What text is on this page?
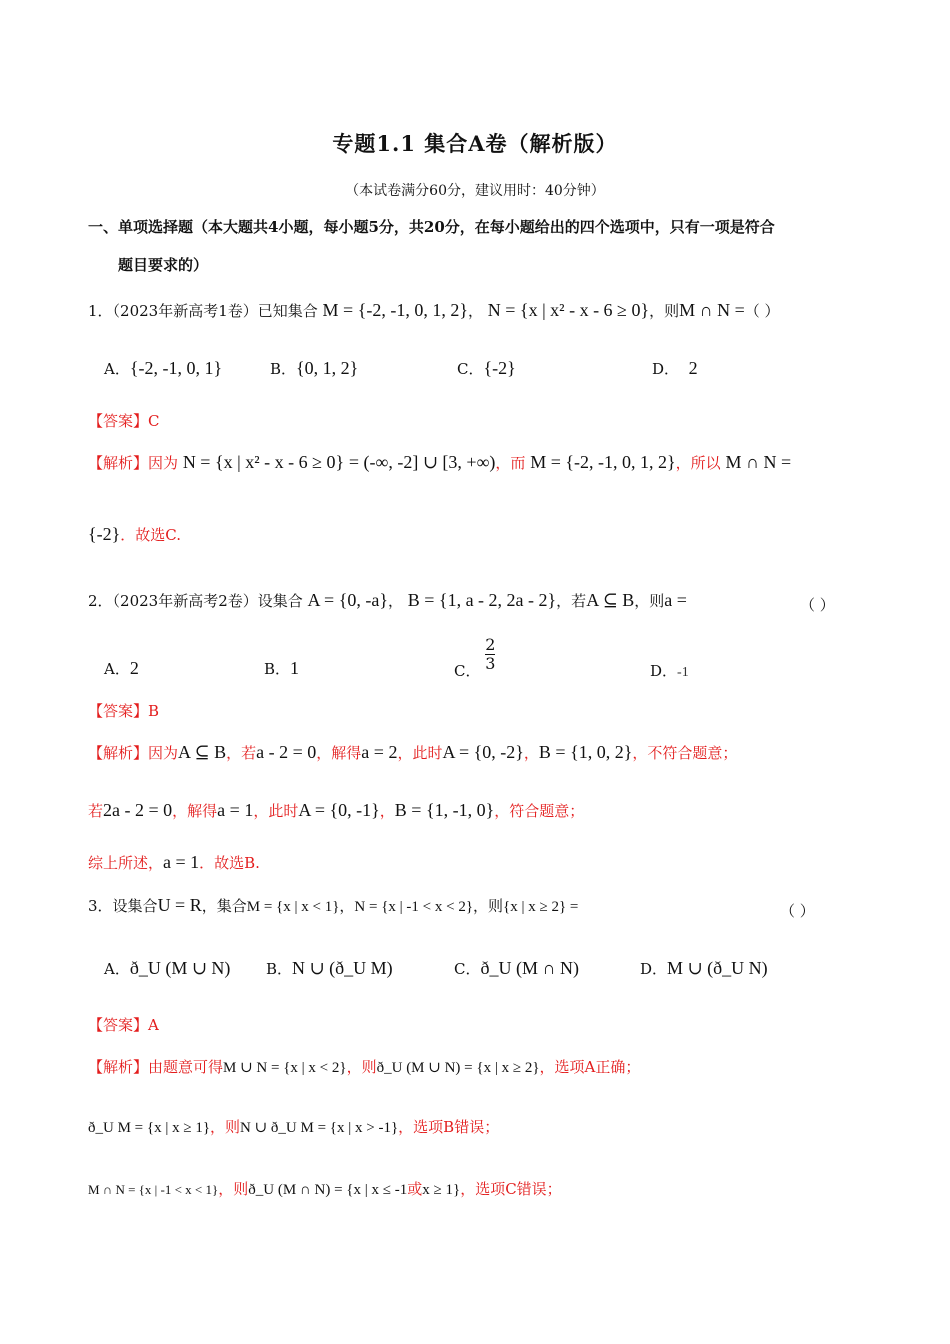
专题1.1 集合A卷（解析版）
（本试卷满分60分，建议用时：40分钟）
一、单项选择题（本大题共4小题，每小题5分，共20分，在每小题给出的四个选项中，只有一项是符合
题目要求的）
1．（2023年新高考1卷）已知集合 M = {-2, -1, 0, 1, 2}， N = {x | x² - x - 6 ≥ 0}，则M ∩ N =（ ）
A．{-2, -1, 0, 1}	B．{0, 1, 2}	C．{-2}	D． 2
【答案】C
【解析】因为 N = {x | x² - x - 6 ≥ 0} = (-∞, -2] ∪ [3, +∞)，而 M = {-2, -1, 0, 1, 2}，所以 M ∩ N =
{-2}．故选C.
2．（2023年新高考2卷）设集合 A = {0, -a}， B = {1, a - 2, 2a - 2}，若A ⊆ B，则a =	（ ）
A．2	B．1	C． $\frac{2}{3}$	D．-1
【答案】B
【解析】因为A ⊆ B，若a - 2 = 0，解得a = 2，此时A = {0, -2}，B = {1, 0, 2}，不符合题意；
若2a - 2 = 0，解得a = 1，此时A = {0, -1}，B = {1, -1, 0}，符合题意；
综上所述，a = 1．故选B.
3．设集合U = R，集合M = {x | x < 1}，N = {x | -1 < x < 2}，则{x | x ≥ 2} =	（ ）
A．ð_U (M ∪ N) B．N ∪ (ð_U M)	C．ð_U (M ∩ N)	D．M ∪ (ð_U N)
【答案】A
【解析】由题意可得M ∪ N = {x | x < 2}，则ð_U (M ∪ N) = {x | x ≥ 2}，选项A正确；
ð_U M = {x | x ≥ 1}，则N ∪ ð_U M = {x | x > -1}，选项B错误；
M ∩ N = {x | -1 < x < 1}，则ð_U (M ∩ N) = {x | x ≤ -1或x ≥ 1}，选项C错误；
